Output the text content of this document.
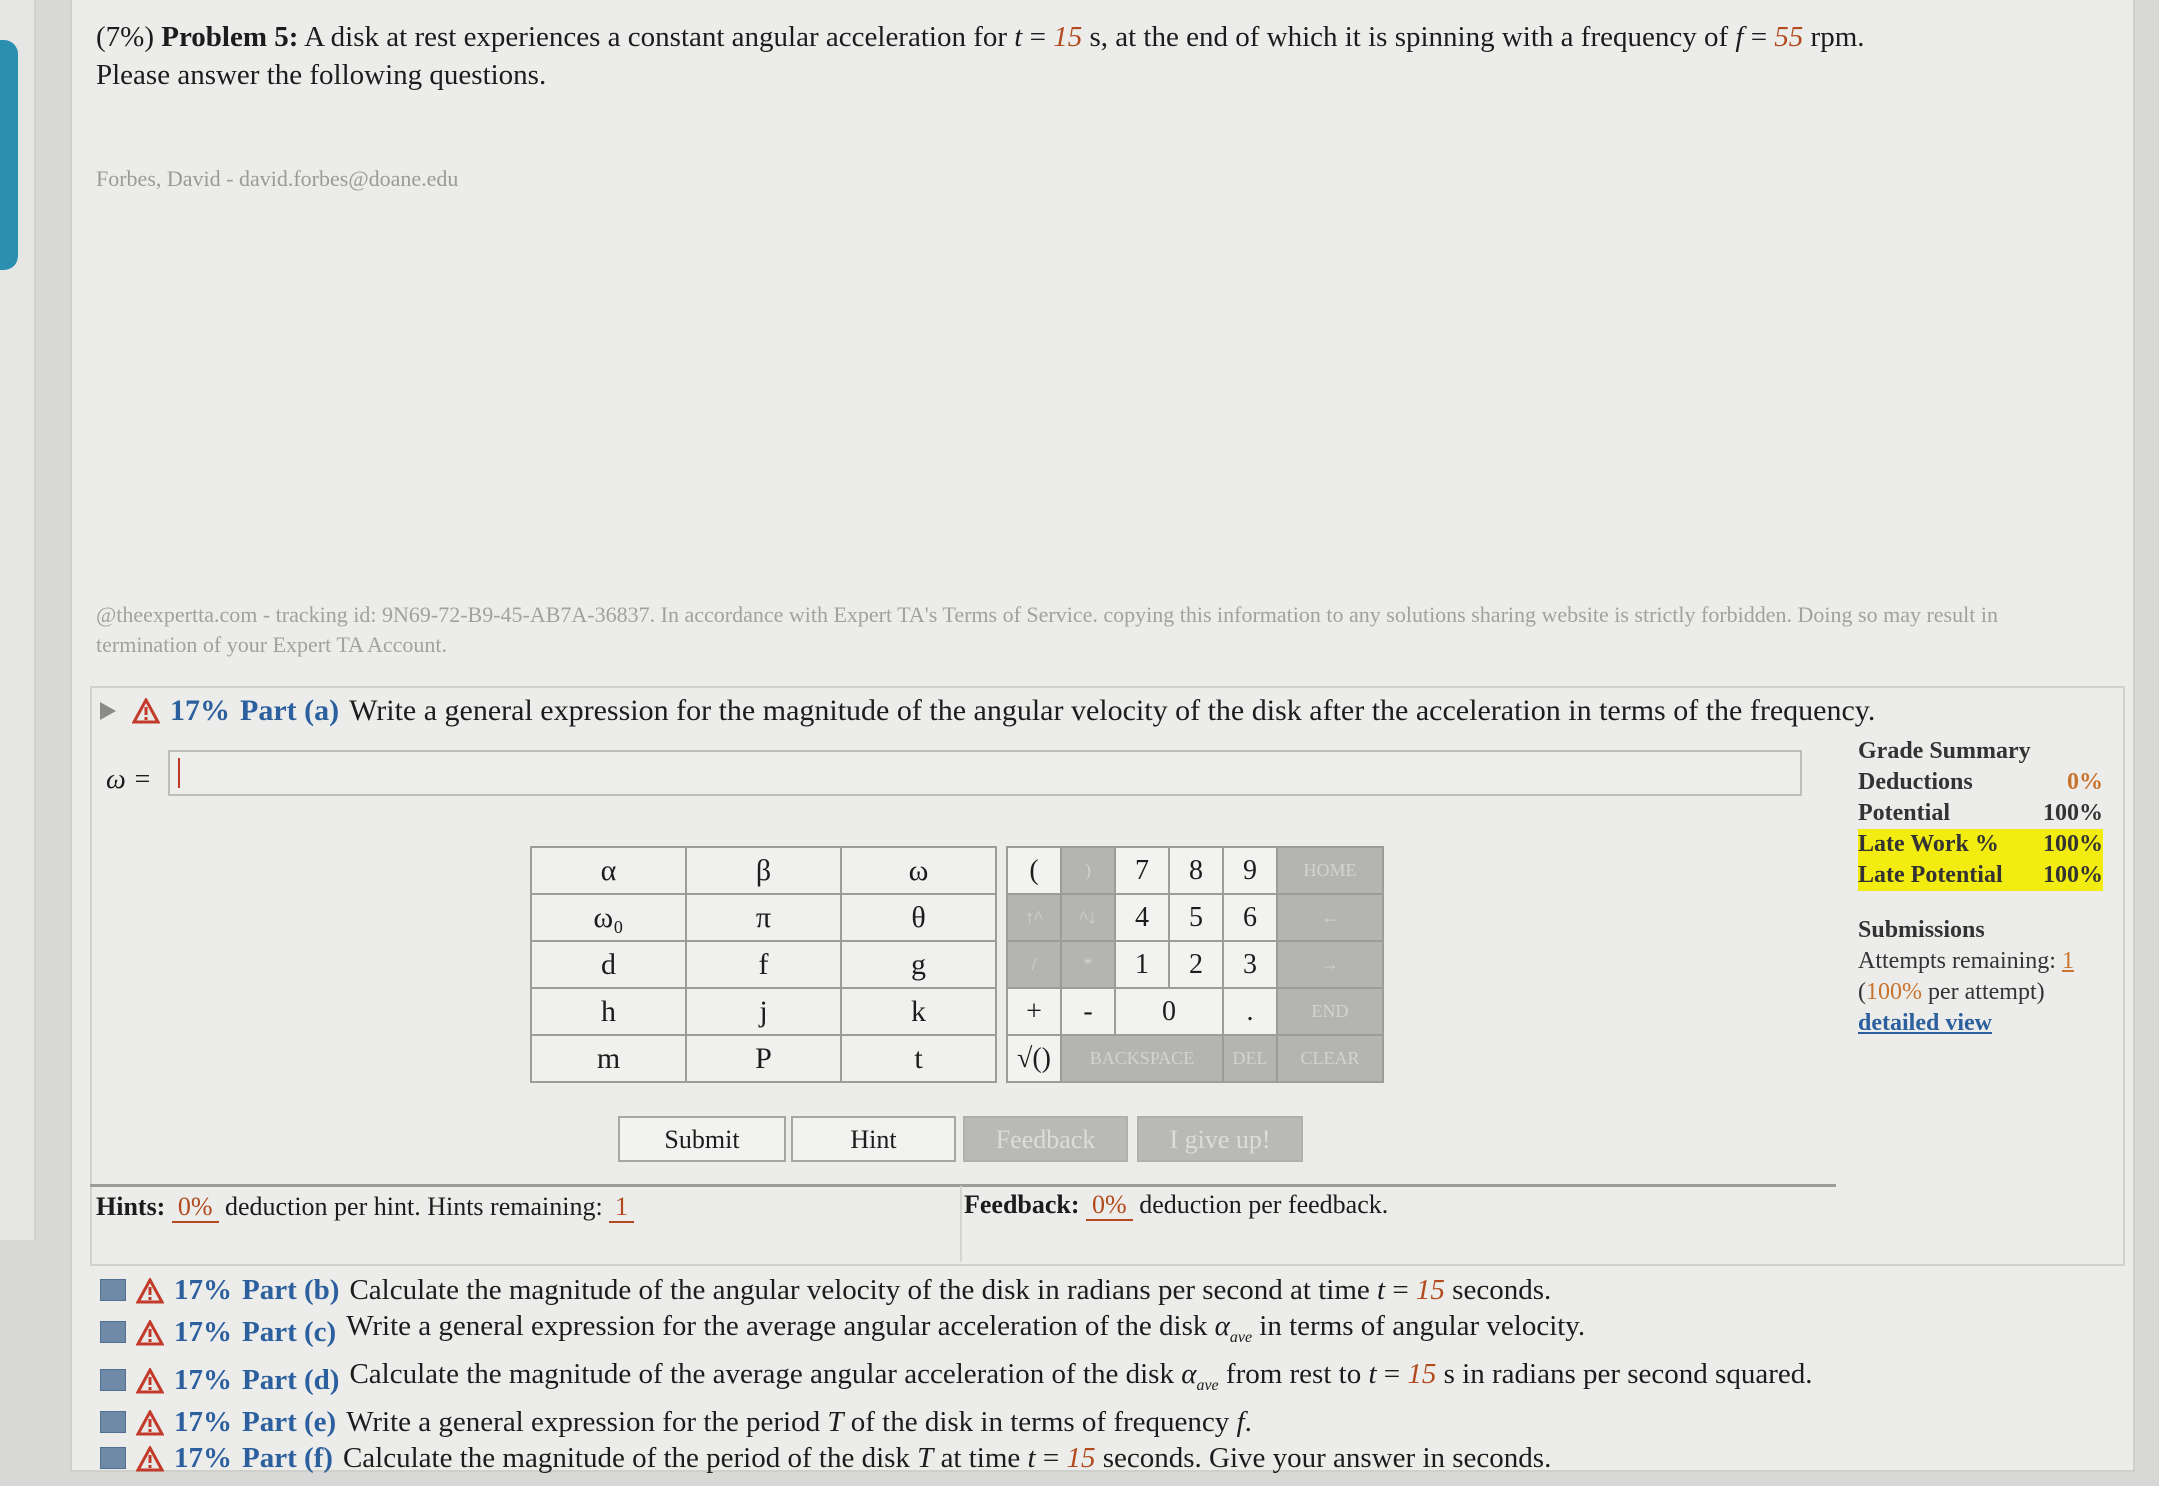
(7%) Problem 5: A disk at rest experiences a constant angular acceleration for t = 15 s, at the end of which it is spinning with a frequency of f = 55 rpm.
Please answer the following questions.
Forbes, David - david.forbes@doane.edu
@theexpertta.com - tracking id: 9N69-72-B9-45-AB7A-36837. In accordance with Expert TA's Terms of Service. copying this information to any solutions sharing website is strictly forbidden. Doing so may result in termination of your Expert TA Account.
17% Part (a) Write a general expression for the magnitude of the angular velocity of the disk after the acceleration in terms of the frequency.
ω =
α	β	ω
ω₀	π	θ
d	f	g
h	j	k
m	P	t
(	)	7	8	9	HOME
↑^	^↓	4	5	6	←
/	*	1	2	3	→
+	-	0		.	END
√()	BACKSPACE			DEL	CLEAR
Submit	Hint	Feedback	I give up!
Hints: 0% deduction per hint. Hints remaining: 1	Feedback: 0% deduction per feedback.
Grade Summary
Deductions	0%
Potential	100%
Late Work % 100%
Late Potential 100%
Submissions
Attempts remaining: 1
(100% per attempt)
detailed view
17% Part (b) Calculate the magnitude of the angular velocity of the disk in radians per second at time t = 15 seconds.
17% Part (c) Write a general expression for the average angular acceleration of the disk $\alpha_{ave}$ in terms of angular velocity.
17% Part (d) Calculate the magnitude of the average angular acceleration of the disk $\alpha_{ave}$ from rest to t = 15 s in radians per second squared.
17% Part (e) Write a general expression for the period T of the disk in terms of frequency f.
17% Part (f) Calculate the magnitude of the period of the disk T at time t = 15 seconds. Give your answer in seconds.
